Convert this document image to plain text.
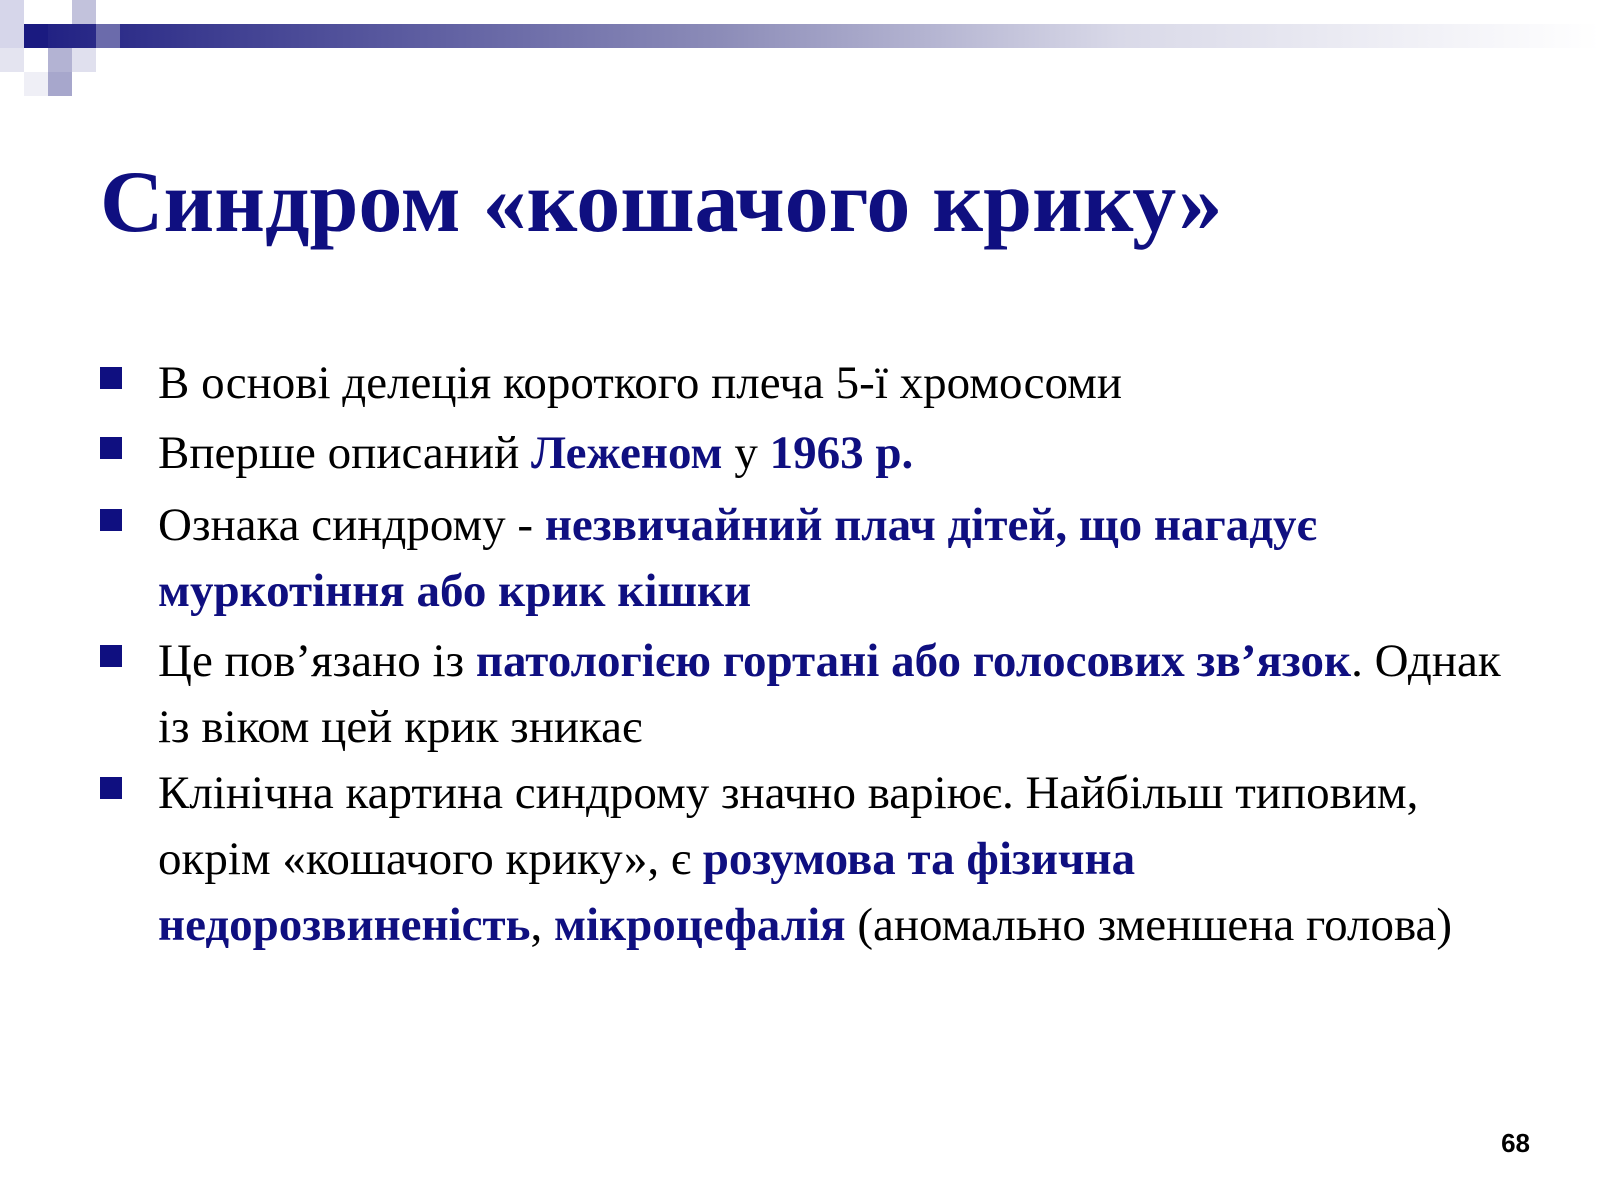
Синдром «кошачого крику»
В основі делеція короткого плеча 5-ї хромосоми
Вперше описаний Леженом у 1963 р.
Ознака синдрому - незвичайний плач дітей, що нагадує муркотіння або крик кішки
Це пов’язано із патологією гортані або голосових зв’язок. Однак із віком цей крик зникає
Клінічна картина синдрому значно варіює. Найбільш типовим, окрім «кошачого крику», є розумова та фізична недорозвиненість, мікроцефалія (аномально зменшена голова)
68
